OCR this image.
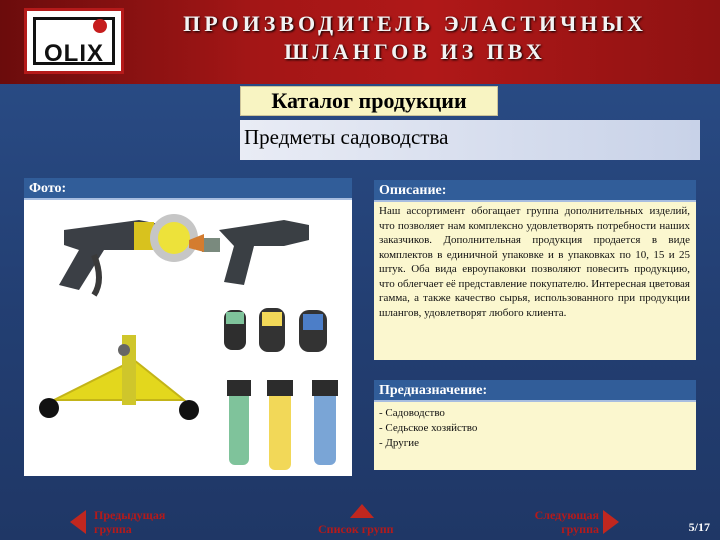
OLIX
ПРОИЗВОДИТЕЛЬ ЭЛАСТИЧНЫХ
ШЛАНГОВ ИЗ ПВХ
Каталог продукции
Предметы садоводства
Фото:	Описание:
Наш ассортимент обогащает группа дополнительных изделий, что позволяет нам комплексно удовлетворять потребности наших заказчиков. Дополнительная продукция продается в виде комплектов в единичной упаковке и в упаковках по 10, 15 и 25 штук. Оба вида евроупаковки позволяют повесить продукцию, что облегчает её представление покупателю. Интересная цветовая гамма, а также качество сырья, использованного при продукции шлангов, удовлетворят любого клиента.
Предназначение:
- Садоводство
- Седьское хозяйство
- Другие
Предыдущая
группа	Список групп
Следующая
группа	5/17
